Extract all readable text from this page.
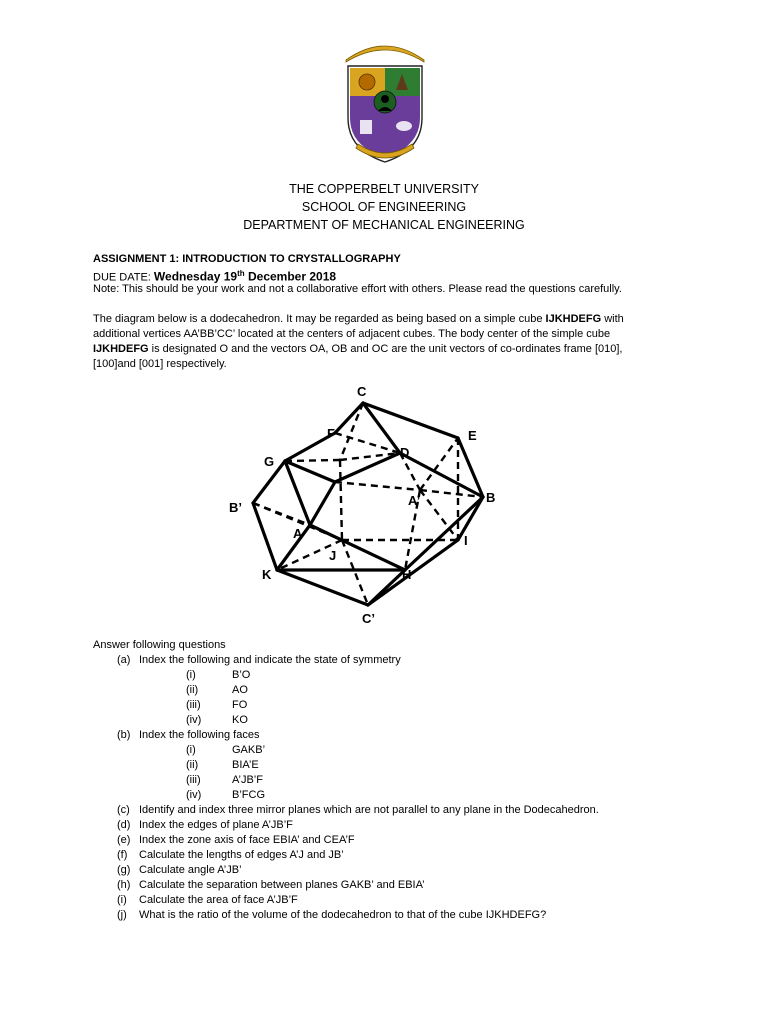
THE COPPERBELT UNIVERSITY
SCHOOL OF ENGINEERING
DEPARTMENT OF MECHANICAL ENGINEERING
ASSIGNMENT 1: INTRODUCTION TO CRYSTALLOGRAPHY
DUE DATE: Wednesday 19th December 2018
Note: This should be your work and not a collaborative effort with others. Please read the questions carefully.
The diagram below is a dodecahedron. It may be regarded as being based on a simple cube IJKHDEFG with
additional vertices AA’BB’CC’ located at the centers of adjacent cubes. The body center of the simple cube
IJKHDEFG is designated O and the vectors OA, OB and OC are the unit vectors of co-ordinates frame [010],
[100]and [001] respectively.
C
E
F
G
D
B
B’	A’
A
J
I
K	H
C’
Answer following questions
(a) Index the following and indicate the state of symmetry
(i)	B’O
(ii)	AO
(iii)	FO
(iv)	KO
(b) Index the following faces
(i)	GAKB’
(ii)	BIA’E
(iii)	A’JB’F
(iv)	B’FCG
(c) Identify and index three mirror planes which are not parallel to any plane in the Dodecahedron.
(d) Index the edges of plane A’JB’F
(e) Index the zone axis of face EBIA’ and CEA’F
(f) Calculate the lengths of edges A’J and JB’
(g) Calculate angle A’JB’
(h) Calculate the separation between planes GAKB’ and EBIA’
(i) Calculate the area of face A’JB’F
(j) What is the ratio of the volume of the dodecahedron to that of the cube IJKHDEFG?
